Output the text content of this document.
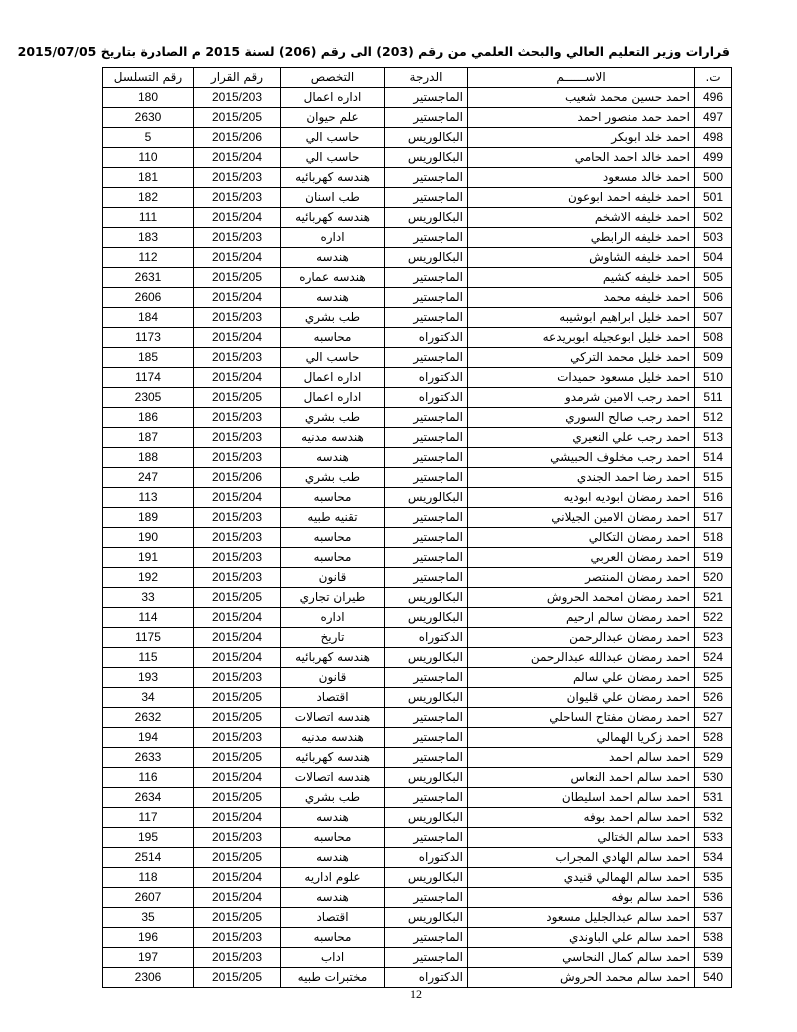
قرارات وزير التعليم العالي والبحث العلمي من رقم (203) الى رقم (206) لسنة 2015 م الصادرة بتاريخ 2015/07/05
ت.	الاســــــم	الدرجة	التخصص	رقم القرار	رقم التسلسل
496	احمد حسين محمد شعيب	الماجستير	اداره اعمال	2015/203	180
497	احمد حمد منصور احمد	الماجستير	علم حيوان	2015/205	2630
498	احمد خلد ابوبكر	البكالوريس	حاسب الي	2015/206	5
499	احمد خالد احمد الحامي	البكالوريس	حاسب الي	2015/204	110
500	احمد خالد مسعود	الماجستير	هندسه كهربائيه	2015/203	181
501	احمد خليفه احمد ابوعون	الماجستير	طب اسنان	2015/203	182
502	احمد خليفه الاشخم	البكالوريس	هندسه كهربائيه	2015/204	111
503	احمد خليفه الرابطي	الماجستير	اداره	2015/203	183
504	احمد خليفه الشاوش	البكالوريس	هندسه	2015/204	112
505	احمد خليفه كشيم	الماجستير	هندسه عماره	2015/205	2631
506	احمد خليفه محمد	الماجستير	هندسه	2015/204	2606
507	احمد خليل ابراهيم ابوشيبه	الماجستير	طب بشري	2015/203	184
508	احمد خليل ابوعجيله ابوبريدعه	الدكتوراه	محاسبه	2015/204	1173
509	احمد خليل محمد التركي	الماجستير	حاسب الي	2015/203	185
510	احمد خليل مسعود حميدات	الدكتوراه	اداره اعمال	2015/204	1174
511	احمد رجب الامين شرمدو	الدكتوراه	اداره اعمال	2015/205	2305
512	احمد رجب صالح السوري	الماجستير	طب بشري	2015/203	186
513	احمد رجب علي النعيري	الماجستير	هندسه مدنيه	2015/203	187
514	احمد رجب مخلوف الحبيشي	الماجستير	هندسه	2015/203	188
515	احمد رضا احمد الجندي	الماجستير	طب بشري	2015/206	247
516	احمد رمضان ابوديه ابوديه	البكالوريس	محاسبه	2015/204	113
517	احمد رمضان الامين الجيلاني	الماجستير	تقنيه طبيه	2015/203	189
518	احمد رمضان التكالي	الماجستير	محاسبه	2015/203	190
519	احمد رمضان العربي	الماجستير	محاسبه	2015/203	191
520	احمد رمضان المنتصر	الماجستير	قانون	2015/203	192
521	احمد رمضان امحمد الحروش	البكالوريس	طيران تجاري	2015/205	33
522	احمد رمضان سالم ارحيم	البكالوريس	اداره	2015/204	114
523	احمد رمضان عبدالرحمن	الدكتوراه	تاريخ	2015/204	1175
524	احمد رمضان عبدالله عبدالرحمن	البكالوريس	هندسه كهربائيه	2015/204	115
525	احمد رمضان علي سالم	الماجستير	قانون	2015/203	193
526	احمد رمضان علي قليوان	البكالوريس	اقتصاد	2015/205	34
527	احمد رمضان مفتاح الساحلي	الماجستير	هندسه اتصالات	2015/205	2632
528	احمد زكريا الهمالي	الماجستير	هندسه مدنيه	2015/203	194
529	احمد سالم احمد	الماجستير	هندسه كهربائيه	2015/205	2633
530	احمد سالم احمد النعاس	البكالوريس	هندسه اتصالات	2015/204	116
531	احمد سالم احمد اسليطان	الماجستير	طب بشري	2015/205	2634
532	احمد سالم احمد بوفه	البكالوريس	هندسه	2015/204	117
533	احمد سالم الختالي	الماجستير	محاسبه	2015/203	195
534	احمد سالم الهادي المجراب	الدكتوراه	هندسه	2015/205	2514
535	احمد سالم الهمالي قنيدي	البكالوريس	علوم اداريه	2015/204	118
536	احمد سالم بوفه	الماجستير	هندسه	2015/204	2607
537	احمد سالم عبدالجليل مسعود	البكالوريس	اقتصاد	2015/205	35
538	احمد سالم علي الباوندي	الماجستير	محاسبه	2015/203	196
539	احمد سالم كمال النحاسي	الماجستير	اداب	2015/203	197
540	احمد سالم محمد الحروش	الدكتوراه	مختبرات طبيه	2015/205	2306
12
